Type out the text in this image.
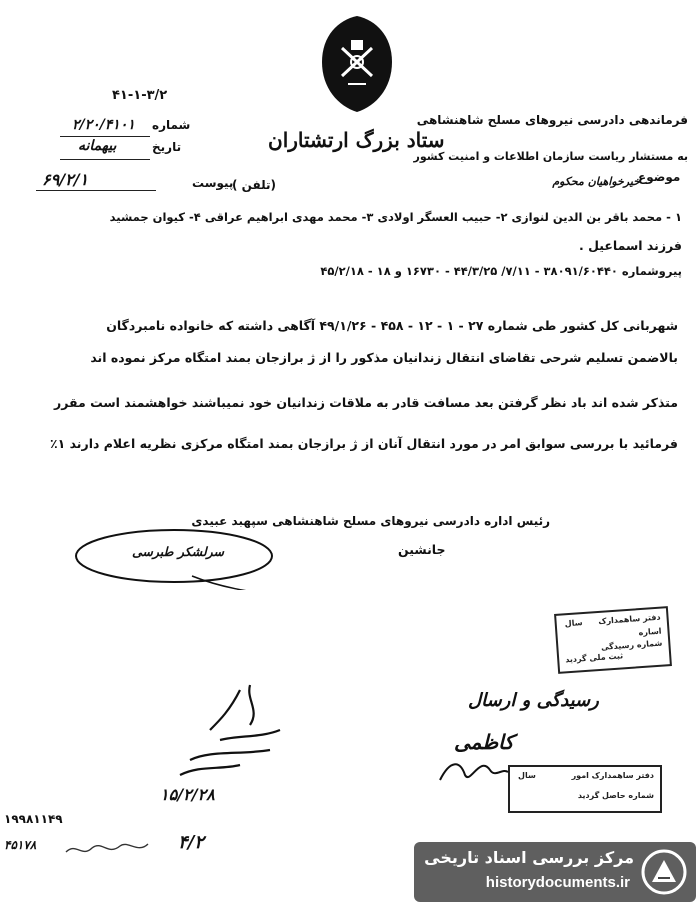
۴۱-۱-۳/۲
فرماندهی دادرسی نیروهای مسلح شاهنشاهی
به مستشار ریاست سازمان اطلاعات و امنیت کشور
موضوع
خیرخواهیان محکوم
شماره
۲/۲۰/۴۱۰۱
تاریخ
بیهمانه
پیوست
۶۹/۲/۱
ستاد بزرگ ارتشتاران
(تلفن )
۱ - محمد باقر بن الدین لنوازی ۲- حبیب العسگر اولادی ۳- محمد مهدی ابراهیم عراقی ۴- کیوان جمشید
فرزند اسماعیل .
پیروشماره ۳۸۰۹۱/۶۰۴۴۰ - ۷/۱۱/ ۴۴/۳/۲۵ - ۱۶۷۳۰ و ۱۸ - ۴۵/۲/۱۸
شهربانی کل کشور طی شماره ۲۷ - ۱ - ۱۲ - ۴۵۸ - ۴۹/۱/۲۶ آگاهی داشته که خانواده نامبردگان
بالاضمن تسلیم شرحی تقاضای انتقال زندانیان مذکور را از ژ برازجان بمند امتگاه مرکز نموده اند
متذکر شده اند باد نظر گرفتن بعد مسافت قادر به ملاقات زندانیان خود نمیباشند خواهشمند است مقرر
فرمائید با بررسی سوابق امر در مورد انتقال آنان از ژ برازجان بمند امتگاه مرکزی نظریه اعلام دارند ۱٪
رئیس اداره دادرسی نیروهای مسلح شاهنشاهی سپهبد عبیدی
جانشین
سرلشکر طبرسی
دفتر ساهمدارک
سال
اساره
شماره رسیدگی
ثبت ملی گردید
دفتر ساهمدارک امور
سال
شماره حاصل گردید
۱۵/۲/۲۸
۴/۲
رسیدگی و ارسال
کاظمی
۱۹۹۸۱۱۴۹
۴۵۱۷۸
مرکز بررسی اسناد تاریخی
historydocuments.ir
